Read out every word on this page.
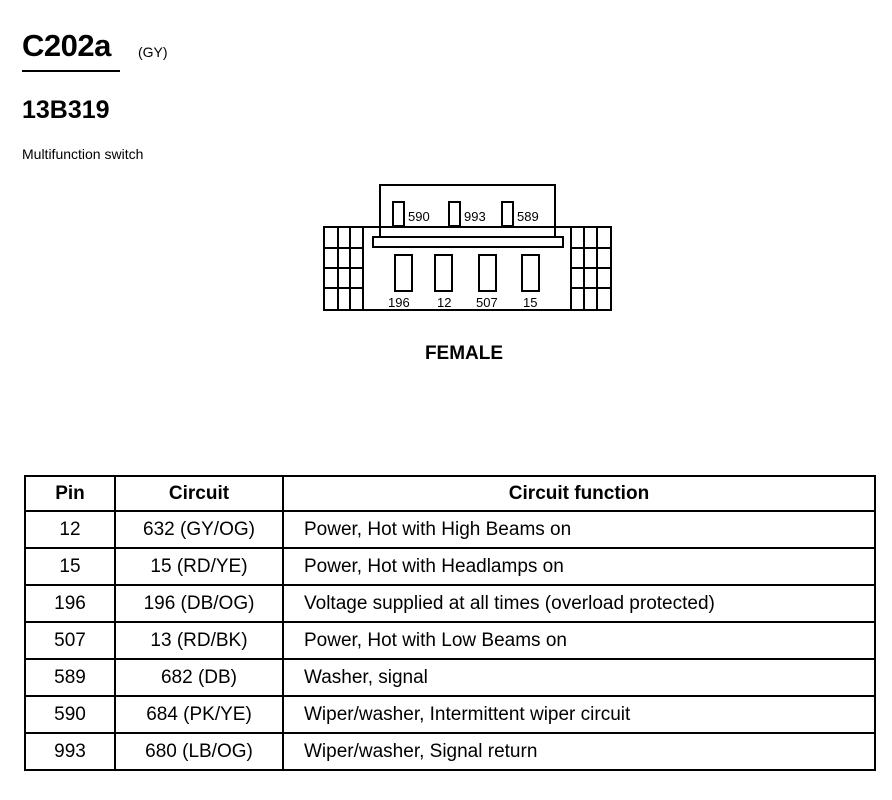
C202a (GY)
13B319
Multifunction switch
590	993 589
196 12 507 15
FEMALE
Pin	Circuit	Circuit function
12	632 (GY/OG)	Power, Hot with High Beams on
15	15 (RD/YE)	Power, Hot with Headlamps on
196	196 (DB/OG)	Voltage supplied at all times (overload protected)
507	13 (RD/BK)	Power, Hot with Low Beams on
589	682 (DB)	Washer, signal
590	684 (PK/YE)	Wiper/washer, Intermittent wiper circuit
993	680 (LB/OG)	Wiper/washer, Signal return
